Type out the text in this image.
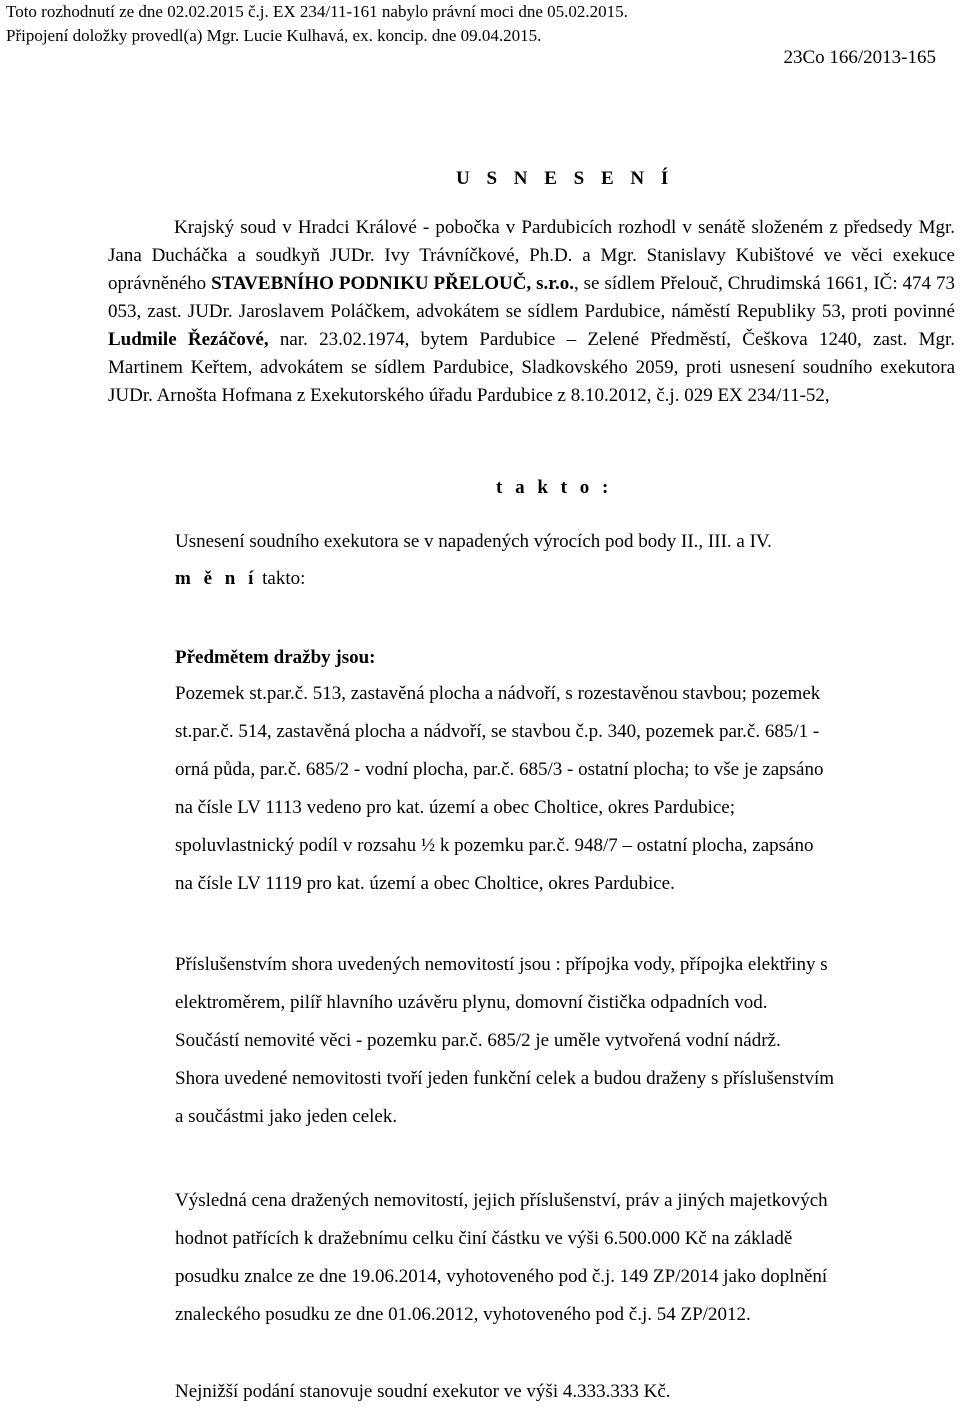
Toto rozhodnutí ze dne 02.02.2015 č.j. EX 234/11-161 nabylo právní moci dne 05.02.2015.
Připojení doložky provedl(a) Mgr. Lucie Kulhavá, ex. koncip. dne 09.04.2015.
23Co 166/2013-165
U S N E S E N Í

Krajský soud v Hradci Králové - pobočka v Pardubicích rozhodl v senátě složeném z předsedy Mgr. Jana Ducháčka a soudkyň JUDr. Ivy Trávníčkové, Ph.D. a Mgr. Stanislavy Kubištové ve věci exekuce oprávněného STAVEBNÍHO PODNIKU PŘELOUČ, s.r.o., se sídlem Přelouč, Chrudimská 1661, IČ: 474 73 053, zast. JUDr. Jaroslavem Poláčkem, advokátem se sídlem Pardubice, náměstí Republiky 53, proti povinné Ludmile Řezáčové, nar. 23.02.1974, bytem Pardubice – Zelené Předměstí, Češkova 1240, zast. Mgr. Martinem Keřtem, advokátem se sídlem Pardubice, Sladkovského 2059, proti usnesení soudního exekutora JUDr. Arnošta Hofmana z Exekutorského úřadu Pardubice z 8.10.2012, č.j. 029 EX 234/11-52,

t a k t o :
Usnesení soudního exekutora se v napadených výrocích pod body II., III. a IV.
m ě n í takto:
Předmětem dražby jsou:

Pozemek st.par.č. 513, zastavěná plocha a nádvoří, s rozestavěnou stavbou; pozemek
st.par.č. 514, zastavěná plocha a nádvoří, se stavbou č.p. 340, pozemek par.č. 685/1 -
orná půda, par.č. 685/2 - vodní plocha, par.č. 685/3 - ostatní plocha; to vše je zapsáno
na čísle LV 1113 vedeno pro kat. území a obec Choltice, okres Pardubice;
spoluvlastnický podíl v rozsahu ½ k pozemku par.č. 948/7 – ostatní plocha, zapsáno
na čísle LV 1119 pro kat. území a obec Choltice, okres Pardubice.

Příslušenstvím shora uvedených nemovitostí jsou : přípojka vody, přípojka elektřiny s
elektroměrem, pilíř hlavního uzávěru plynu, domovní čistička odpadních vod.
Součástí nemovité věci - pozemku par.č. 685/2 je uměle vytvořená vodní nádrž.
Shora uvedené nemovitosti tvoří jeden funkční celek a budou draženy s příslušenstvím
a součástmi jako jeden celek.

Výsledná cena dražených nemovitostí, jejich příslušenství, práv a jiných majetkových
hodnot patřících k dražebnímu celku činí částku ve výši 6.500.000 Kč na základě
posudku znalce ze dne 19.06.2014, vyhotoveného pod č.j. 149 ZP/2014 jako doplnění
znaleckého posudku ze dne 01.06.2012, vyhotoveného pod č.j. 54 ZP/2012.

Nejnižší podání stanovuje soudní exekutor ve výši 4.333.333 Kč.
